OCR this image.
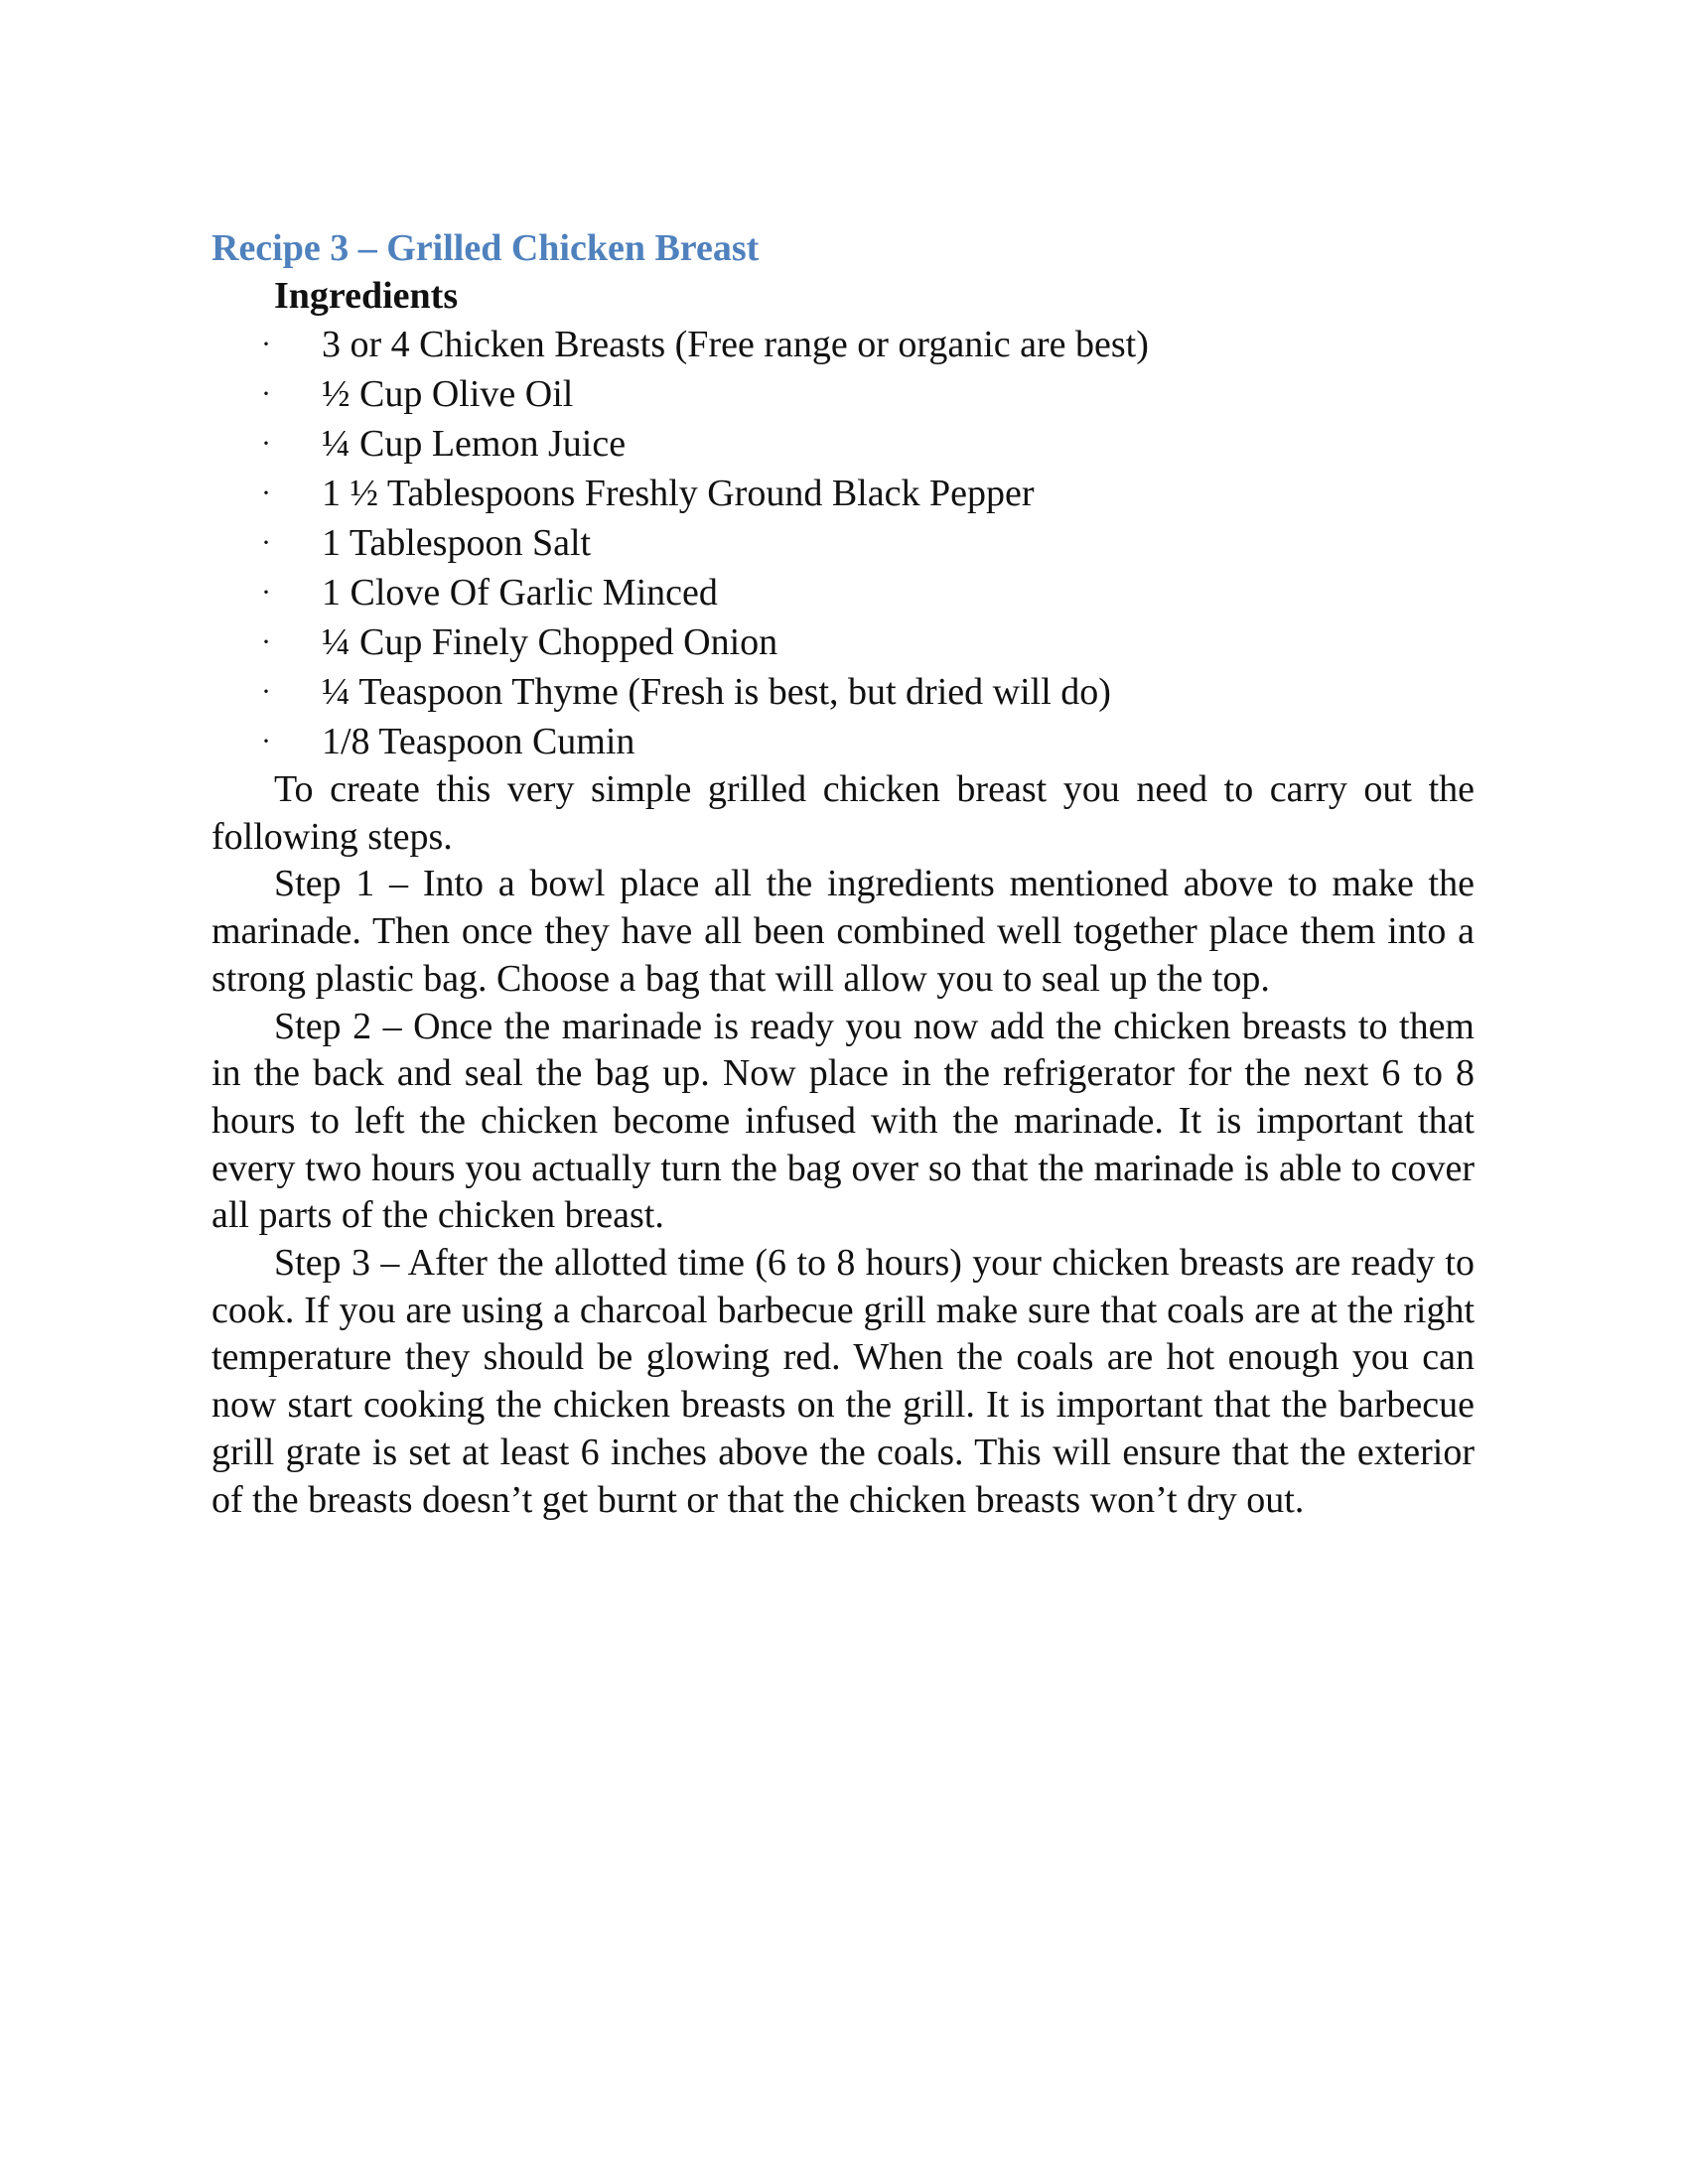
Recipe 3 – Grilled Chicken Breast
Ingredients
· 3 or 4 Chicken Breasts (Free range or organic are best)
· ½ Cup Olive Oil
· ¼ Cup Lemon Juice
· 1 ½ Tablespoons Freshly Ground Black Pepper
· 1 Tablespoon Salt
· 1 Clove Of Garlic Minced
· ¼ Cup Finely Chopped Onion
· ¼ Teaspoon Thyme (Fresh is best, but dried will do)
· 1/8 Teaspoon Cumin

To create this very simple grilled chicken breast you need to carry out the following steps.

Step 1 – Into a bowl place all the ingredients mentioned above to make the marinade. Then once they have all been combined well together place them into a strong plastic bag. Choose a bag that will allow you to seal up the top.

Step 2 – Once the marinade is ready you now add the chicken breasts to them in the back and seal the bag up. Now place in the refrigerator for the next 6 to 8 hours to left the chicken become infused with the marinade. It is important that every two hours you actually turn the bag over so that the marinade is able to cover all parts of the chicken breast.

Step 3 – After the allotted time (6 to 8 hours) your chicken breasts are ready to cook. If you are using a charcoal barbecue grill make sure that coals are at the right temperature they should be glowing red. When the coals are hot enough you can now start cooking the chicken breasts on the grill. It is important that the barbecue grill grate is set at least 6 inches above the coals. This will ensure that the exterior of the breasts doesn’t get burnt or that the chicken breasts won’t dry out.
